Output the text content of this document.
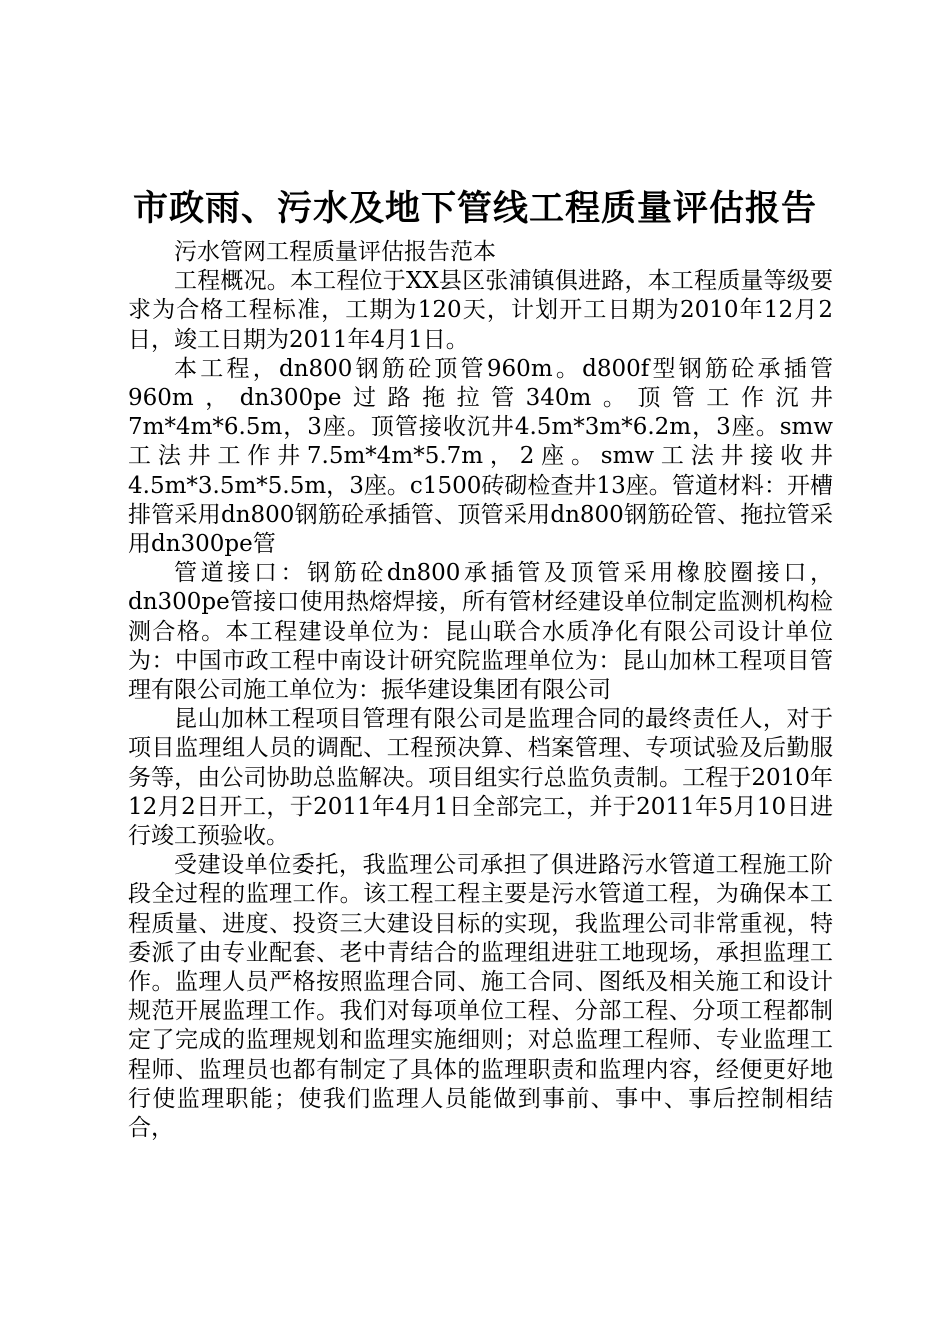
市政雨、污水及地下管线工程质量评估报告

污水管网工程质量评估报告范本

工程概况。本工程位于XX县区张浦镇俱进路，本工程质量等级要求为合格工程标准，工期为120天，计划开工日期为2010年12月2日，竣工日期为2011年4月1日。

本工程，dn800钢筋砼顶管960m。d800f型钢筋砼承插管960m，dn300pe过路拖拉管340m。顶管工作沉井7m*4m*6.5m，3座。顶管接收沉井4.5m*3m*6.2m，3座。smw工法井工作井7.5m*4m*5.7m，2座。smw工法井接收井4.5m*3.5m*5.5m，3座。c1500砖砌检查井13座。管道材料：开槽排管采用dn800钢筋砼承插管、顶管采用dn800钢筋砼管、拖拉管采用dn300pe管

管道接口：钢筋砼dn800承插管及顶管采用橡胶圈接口，dn300pe管接口使用热熔焊接，所有管材经建设单位制定监测机构检测合格。本工程建设单位为：昆山联合水质净化有限公司设计单位为：中国市政工程中南设计研究院监理单位为：昆山加林工程项目管理有限公司施工单位为：振华建设集团有限公司

昆山加林工程项目管理有限公司是监理合同的最终责任人，对于项目监理组人员的调配、工程预决算、档案管理、专项试验及后勤服务等，由公司协助总监解决。项目组实行总监负责制。工程于2010年12月2日开工，于2011年4月1日全部完工，并于2011年5月10日进行竣工预验收。

受建设单位委托，我监理公司承担了俱进路污水管道工程施工阶段全过程的监理工作。该工程工程主要是污水管道工程，为确保本工程质量、进度、投资三大建设目标的实现，我监理公司非常重视，特委派了由专业配套、老中青结合的监理组进驻工地现场，承担监理工作。监理人员严格按照监理合同、施工合同、图纸及相关施工和设计规范开展监理工作。我们对每项单位工程、分部工程、分项工程都制定了完成的监理规划和监理实施细则；对总监理工程师、专业监理工程师、监理员也都有制定了具体的监理职责和监理内容，经便更好地行使监理职能；使我们监理人员能做到事前、事中、事后控制相结合，
